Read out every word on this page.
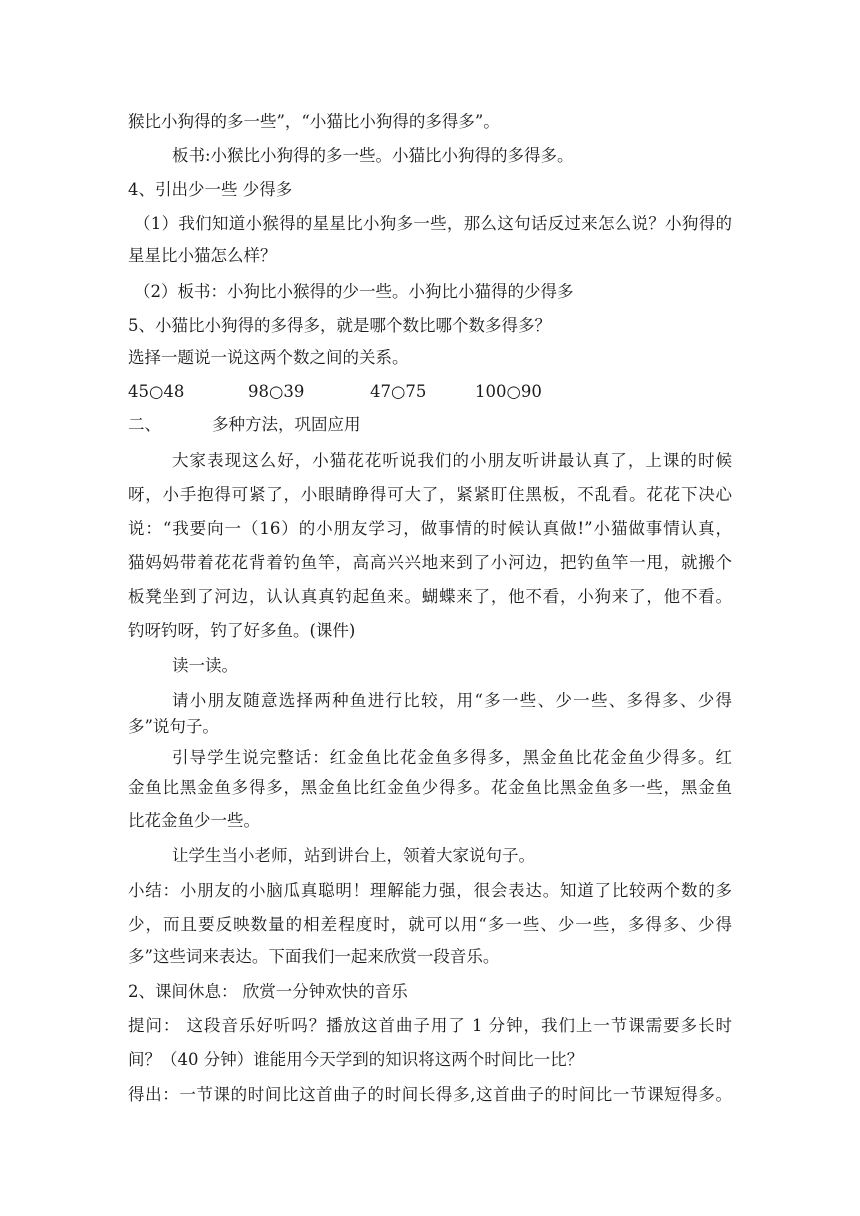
猴比小狗得的多一些”，“小猫比小狗得的多得多”。
板书:小猴比小狗得的多一些。小猫比小狗得的多得多。
4、引出少一些 少得多
（1）我们知道小猴得的星星比小狗多一些，那么这句话反过来怎么说？小狗得的
星星比小猫怎么样？
（2）板书：小狗比小猴得的少一些。小狗比小猫得的少得多
5、小猫比小狗得的多得多，就是哪个数比哪个数多得多？
选择一题说一说这两个数之间的关系。
45○48	98○39	47○75	100○90
二、	多种方法，巩固应用
大家表现这么好，小猫花花听说我们的小朋友听讲最认真了，上课的时候
呀，小手抱得可紧了，小眼睛睁得可大了，紧紧盯住黑板，不乱看。花花下决心
说：“我要向一（16）的小朋友学习，做事情的时候认真做!”小猫做事情认真，
猫妈妈带着花花背着钓鱼竿，高高兴兴地来到了小河边，把钓鱼竿一甩，就搬个
板凳坐到了河边，认认真真钓起鱼来。蝴蝶来了，他不看，小狗来了，他不看。
钓呀钓呀，钓了好多鱼。(课件)
读一读。
请小朋友随意选择两种鱼进行比较，用“多一些、少一些、多得多、少得
多”说句子。
引导学生说完整话：红金鱼比花金鱼多得多，黑金鱼比花金鱼少得多。红
金鱼比黑金鱼多得多，黑金鱼比红金鱼少得多。花金鱼比黑金鱼多一些，黑金鱼
比花金鱼少一些。
让学生当小老师，站到讲台上，领着大家说句子。
小结：小朋友的小脑瓜真聪明！理解能力强，很会表达。知道了比较两个数的多
少，而且要反映数量的相差程度时，就可以用“多一些、少一些，多得多、少得
多”这些词来表达。下面我们一起来欣赏一段音乐。
2、课间休息： 欣赏一分钟欢快的音乐
提问： 这段音乐好听吗？播放这首曲子用了 1 分钟，我们上一节课需要多长时
间？（40 分钟）谁能用今天学到的知识将这两个时间比一比？
得出：一节课的时间比这首曲子的时间长得多,这首曲子的时间比一节课短得多。
